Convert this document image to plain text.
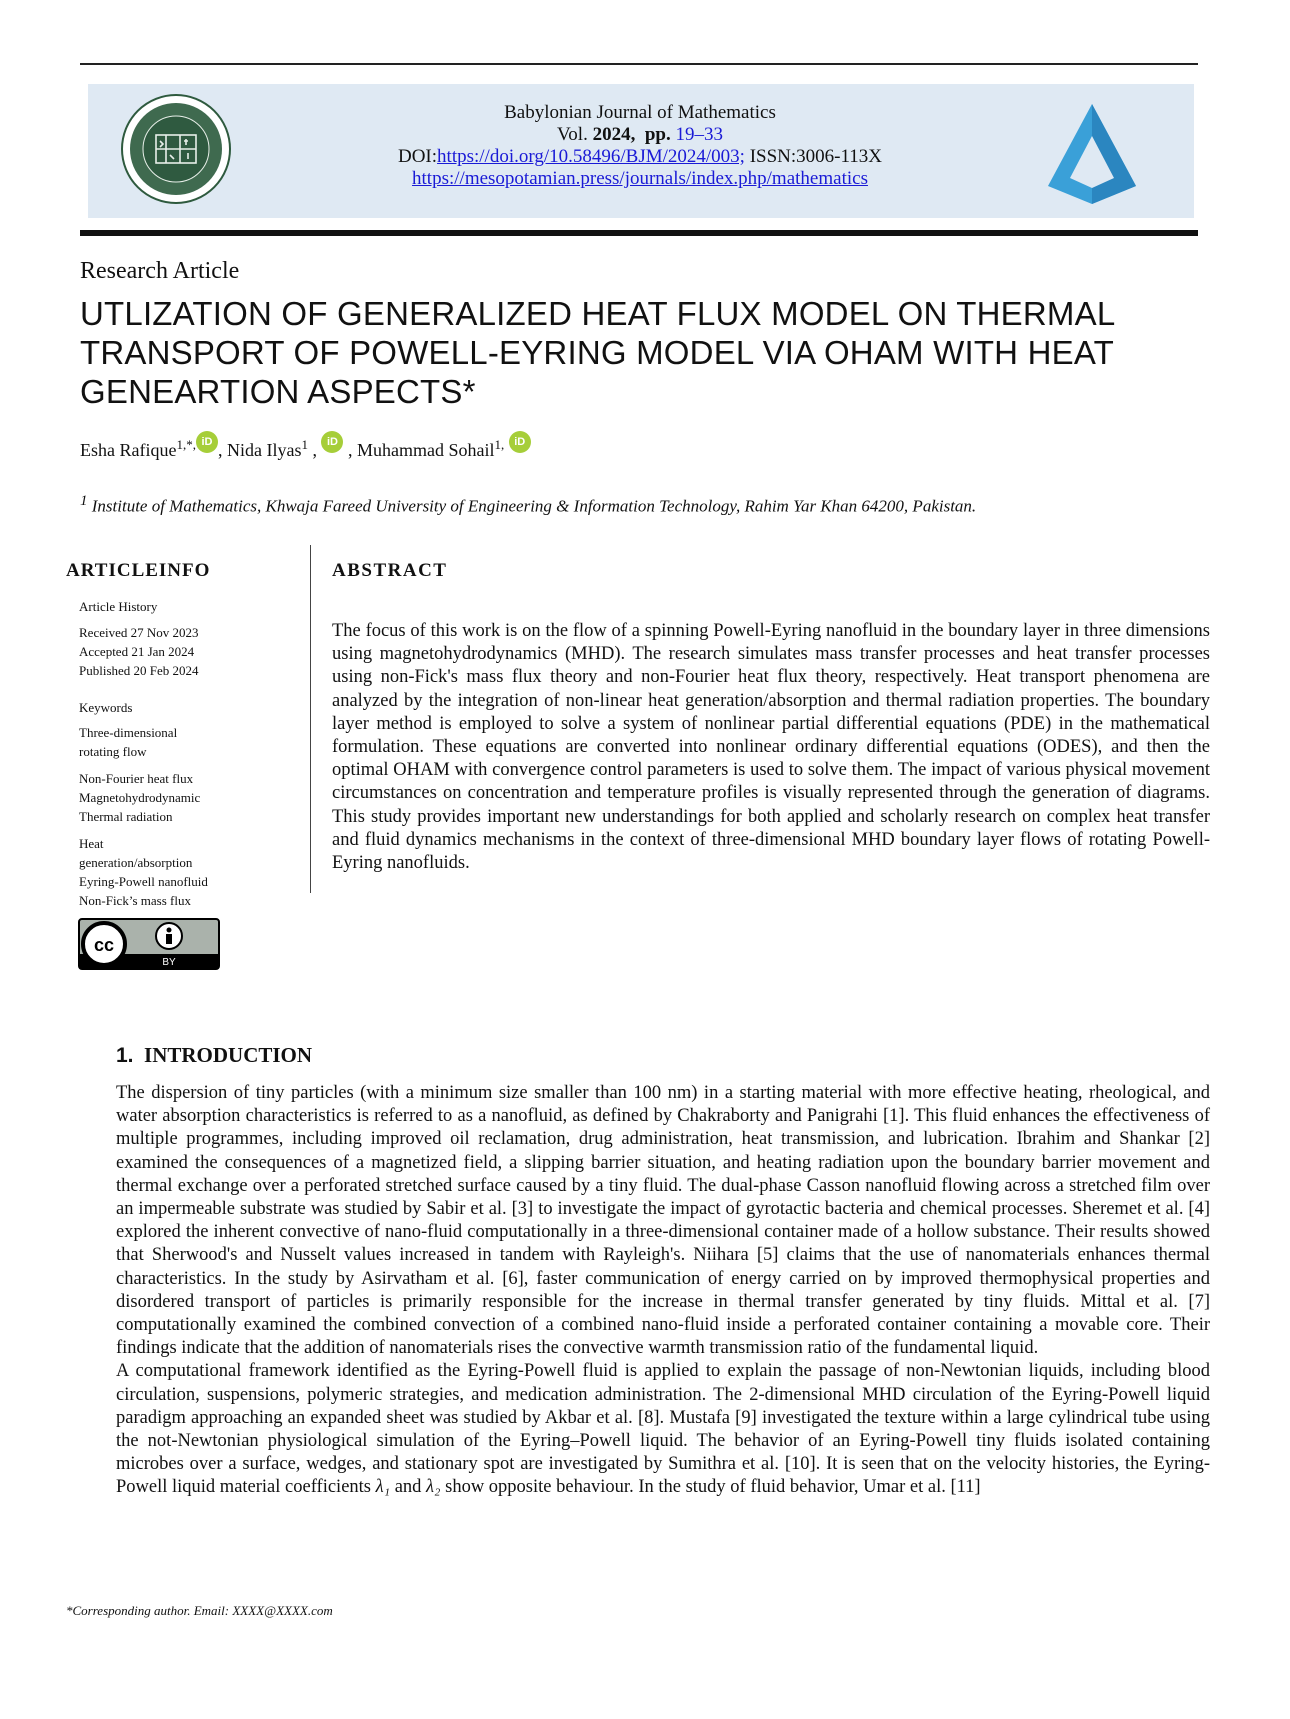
Babylonian Journal of Mathematics
Vol. 2024, pp. 19–33
DOI:https://doi.org/10.58496/BJM/2024/003; ISSN:3006-113X
https://mesopotamian.press/journals/index.php/mathematics
Research Article
UTLIZATION OF GENERALIZED HEAT FLUX MODEL ON THERMAL TRANSPORT OF POWELL-EYRING MODEL VIA OHAM WITH HEAT GENEARTION ASPECTS*
Esha Rafique$^{1,*,}$ iD , Nida Ilyas$^1$ , iD , Muhammad Sohail$^{1,}$ iD
$^1$ Institute of Mathematics, Khwaja Fareed University of Engineering & Information Technology, Rahim Yar Khan 64200, Pakistan.
ARTICLEINFO
Article History
Received 27 Nov 2023
Accepted 21 Jan 2024
Published 20 Feb 2024
Keywords
Three-dimensional
rotating flow
Non-Fourier heat flux
Magnetohydrodynamic
Thermal radiation
Heat
generation/absorption
Eyring-Powell nanofluid
Non-Fick’s mass flux
cc
BY
ABSTRACT
The focus of this work is on the flow of a spinning Powell-Eyring nanofluid in the boundary layer in three dimensions using magnetohydrodynamics (MHD). The research simulates mass transfer processes and heat transfer processes using non-Fick's mass flux theory and non-Fourier heat flux theory, respectively. Heat transport phenomena are analyzed by the integration of non-linear heat generation/absorption and thermal radiation properties. The boundary layer method is employed to solve a system of nonlinear partial differential equations (PDE) in the mathematical formulation. These equations are converted into nonlinear ordinary differential equations (ODES), and then the optimal OHAM with convergence control parameters is used to solve them. The impact of various physical movement circumstances on concentration and temperature profiles is visually represented through the generation of diagrams. This study provides important new understandings for both applied and scholarly research on complex heat transfer and fluid dynamics mechanisms in the context of three-dimensional MHD boundary layer flows of rotating Powell-Eyring nanofluids.
1. INTRODUCTION

The dispersion of tiny particles (with a minimum size smaller than 100 nm) in a starting material with more effective heating, rheological, and water absorption characteristics is referred to as a nanofluid, as defined by Chakraborty and Panigrahi [1]. This fluid enhances the effectiveness of multiple programmes, including improved oil reclamation, drug administration, heat transmission, and lubrication. Ibrahim and Shankar [2] examined the consequences of a magnetized field, a slipping barrier situation, and heating radiation upon the boundary barrier movement and thermal exchange over a perforated stretched surface caused by a tiny fluid. The dual-phase Casson nanofluid flowing across a stretched film over an impermeable substrate was studied by Sabir et al. [3] to investigate the impact of gyrotactic bacteria and chemical processes. Sheremet et al. [4] explored the inherent convective of nano-fluid computationally in a three-dimensional container made of a hollow substance. Their results showed that Sherwood's and Nusselt values increased in tandem with Rayleigh's. Niihara [5] claims that the use of nanomaterials enhances thermal characteristics. In the study by Asirvatham et al. [6], faster communication of energy carried on by improved thermophysical properties and disordered transport of particles is primarily responsible for the increase in thermal transfer generated by tiny fluids. Mittal et al. [7] computationally examined the combined convection of a combined nano-fluid inside a perforated container containing a movable core. Their findings indicate that the addition of nanomaterials rises the convective warmth transmission ratio of the fundamental liquid.

A computational framework identified as the Eyring-Powell fluid is applied to explain the passage of non-Newtonian liquids, including blood circulation, suspensions, polymeric strategies, and medication administration. The 2-dimensional MHD circulation of the Eyring-Powell liquid paradigm approaching an expanded sheet was studied by Akbar et al. [8]. Mustafa [9] investigated the texture within a large cylindrical tube using the not-Newtonian physiological simulation of the Eyring–Powell liquid. The behavior of an Eyring-Powell tiny fluids isolated containing microbes over a surface, wedges, and stationary spot are investigated by Sumithra et al. [10]. It is seen that on the velocity histories, the Eyring-Powell liquid material coefficients λ₁ and λ₂ show opposite behaviour. In the study of fluid behavior, Umar et al. [11]

*Corresponding author. Email: XXXX@XXXX.com
